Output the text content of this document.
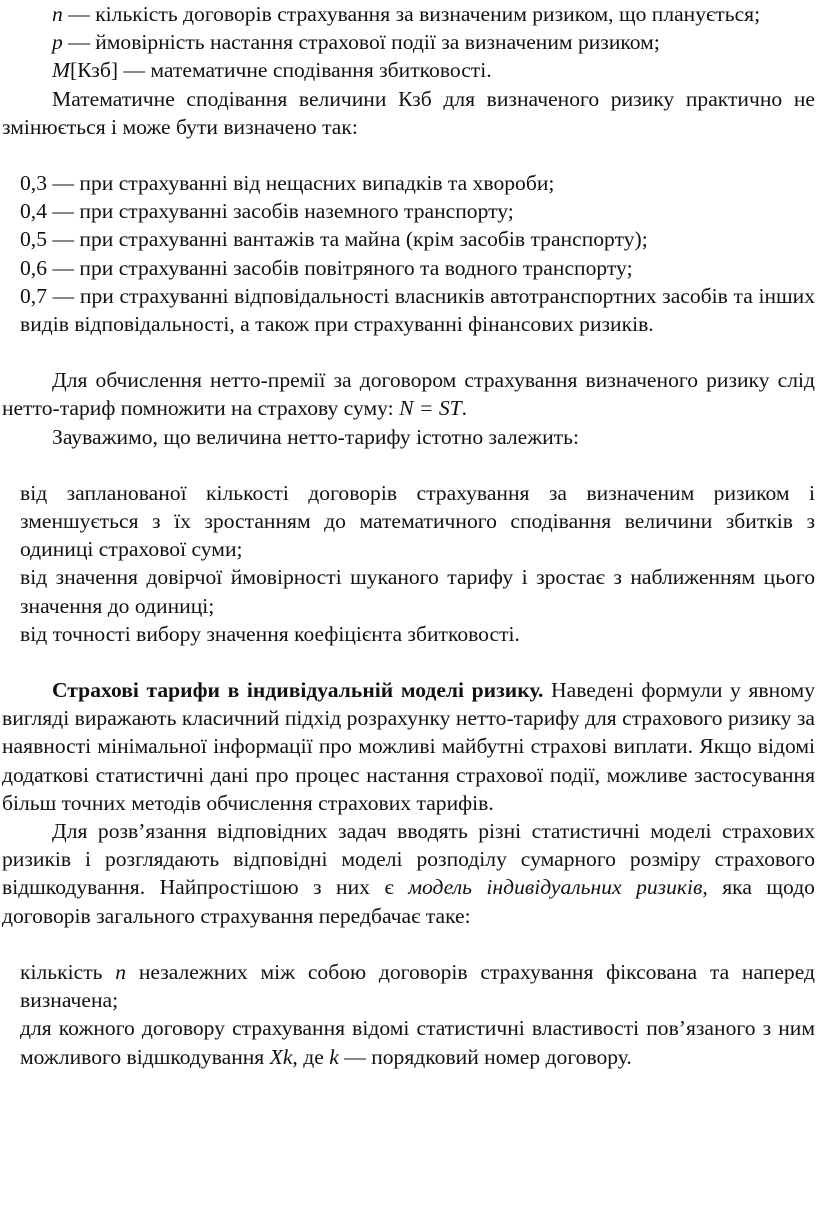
n — кількість договорів страхування за визначеним ризиком, що планується;

p — ймовірність настання страхової події за визначеним ризиком;

M[Кзб] — математичне сподівання збитковості.

Математичне сподівання величини Кзб для визначеного ризику практично не змінюється і може бути визначено так:

0,3 — при страхуванні від нещасних випадків та хвороби;

0,4 — при страхуванні засобів наземного транспорту;

0,5 — при страхуванні вантажів та майна (крім засобів транспорту);

0,6 — при страхуванні засобів повітряного та водного транспорту;

0,7 — при страхуванні відповідальності власників автотранспортних засобів та інших видів відповідальності, а також при страхуванні фінансових ризиків.

Для обчислення нетто-премії за договором страхування визначеного ризику слід нетто-тариф помножити на страхову суму: N = ST.

Зауважимо, що величина нетто-тарифу істотно залежить:

від запланованої кількості договорів страхування за визначеним ризиком і зменшується з їх зростанням до математичного сподівання величини збитків з одиниці страхової суми;

від значення довірчої ймовірності шуканого тарифу і зростає з наближенням цього значення до одиниці;

від точності вибору значення коефіцієнта збитковості.

Страхові тарифи в індивідуальній моделі ризику. Наведені формули у явному вигляді виражають класичний підхід розрахунку нетто-тарифу для страхового ризику за наявності мінімальної інформації про можливі майбутні страхові виплати. Якщо відомі додаткові статистичні дані про процес настання страхової події, можливе застосування більш точних методів обчислення страхових тарифів.

Для розв’язання відповідних задач вводять різні статистичні моделі страхових ризиків і розглядають відповідні моделі розподілу сумарного розміру страхового відшкодування. Найпростішою з них є модель індивідуальних ризиків, яка щодо договорів загального страхування передбачає таке:

кількість n незалежних між собою договорів страхування фіксована та наперед визначена;

для кожного договору страхування відомі статистичні властивості пов’язаного з ним можливого відшкодування Xk, де k — порядковий номер договору.
